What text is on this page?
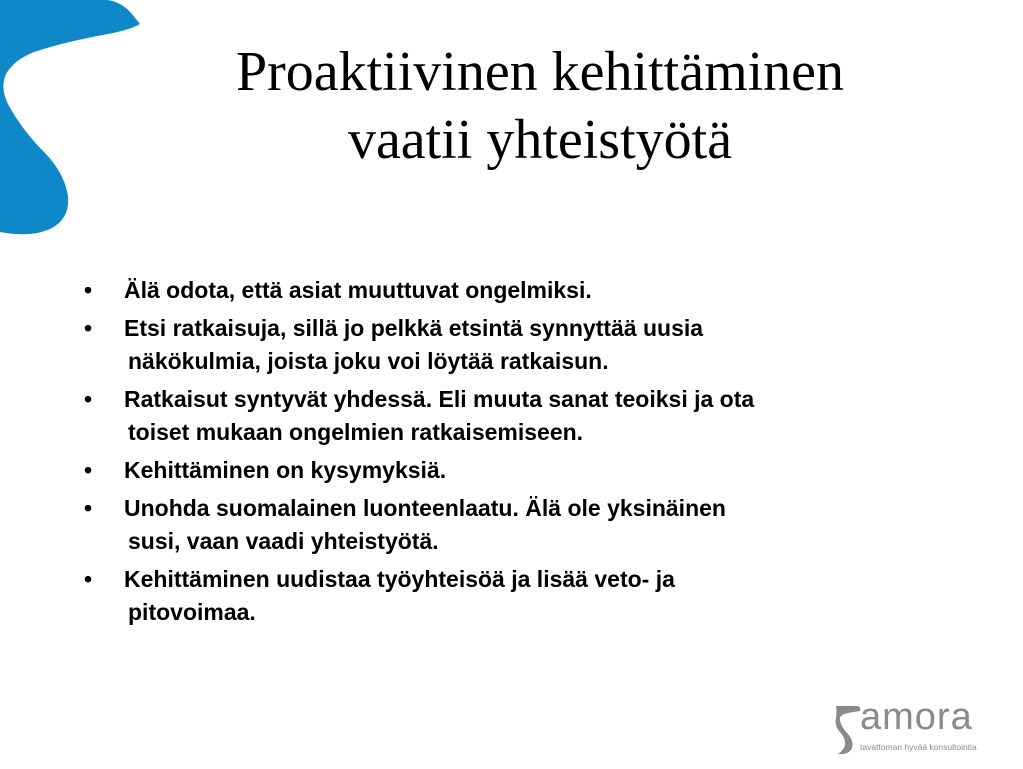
Proaktiivinen kehittäminen
vaatii yhteistyötä
• Älä odota, että asiat muuttuvat ongelmiksi.
• Etsi ratkaisuja, sillä jo pelkkä etsintä synnyttää uusia
näkökulmia, joista joku voi löytää ratkaisun.
• Ratkaisut syntyvät yhdessä. Eli muuta sanat teoiksi ja ota
toiset mukaan ongelmien ratkaisemiseen.
• Kehittäminen on kysymyksiä.
• Unohda suomalainen luonteenlaatu. Älä ole yksinäinen
susi, vaan vaadi yhteistyötä.
• Kehittäminen uudistaa työyhteisöä ja lisää veto- ja
pitovoimaa.
amora
tavattoman hyvää konsultointia
